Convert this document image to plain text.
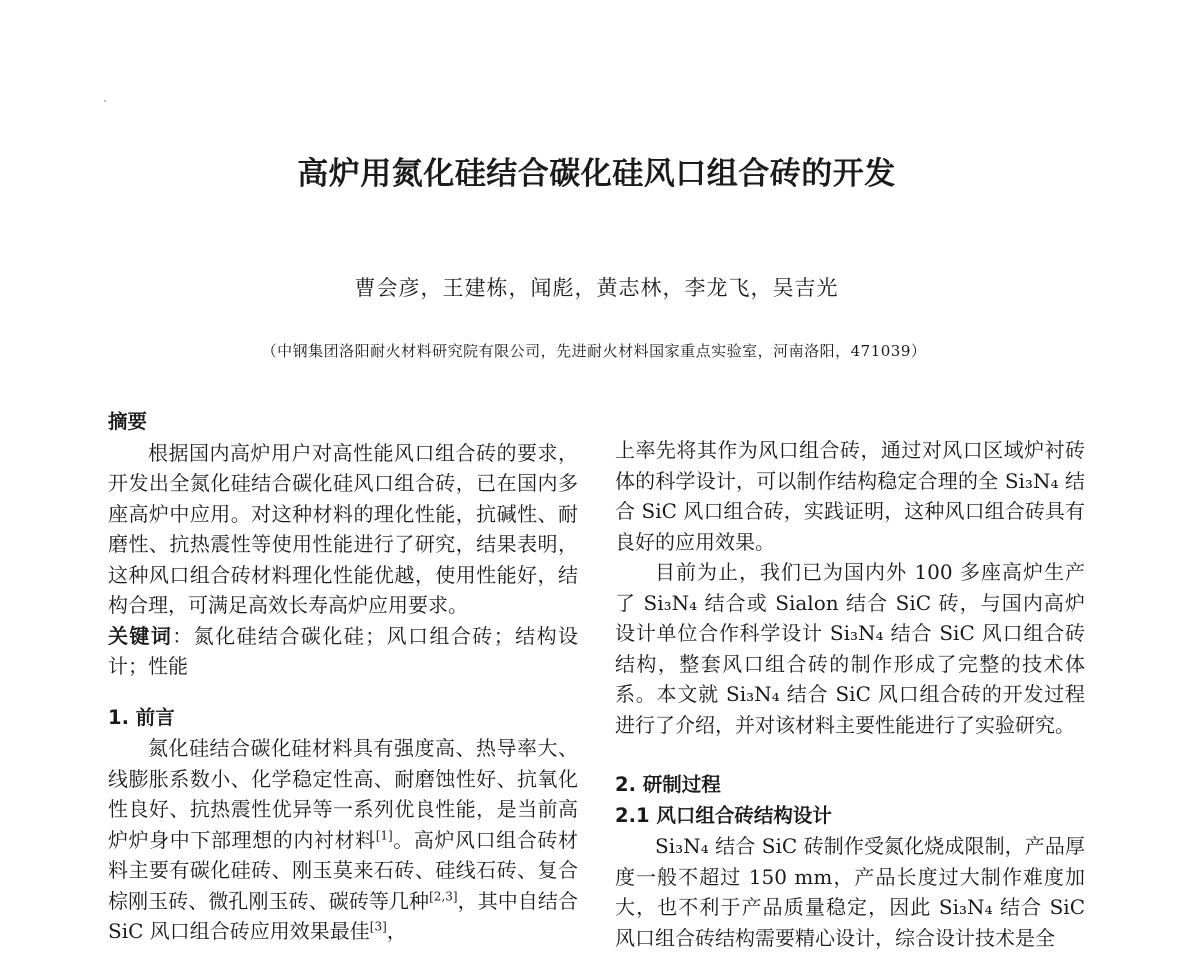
高炉用氮化硅结合碳化硅风口组合砖的开发
曹会彦，王建栋，闻彪，黄志林，李龙飞，吴吉光
（中钢集团洛阳耐火材料研究院有限公司，先进耐火材料国家重点实验室，河南洛阳，471039）

摘要

根据国内高炉用户对高性能风口组合砖的要求，开发出全氮化硅结合碳化硅风口组合砖，已在国内多座高炉中应用。对这种材料的理化性能，抗碱性、耐磨性、抗热震性等使用性能进行了研究，结果表明，这种风口组合砖材料理化性能优越，使用性能好，结构合理，可满足高效长寿高炉应用要求。

关键词：氮化硅结合碳化硅；风口组合砖；结构设计；性能

1. 前言

氮化硅结合碳化硅材料具有强度高、热导率大、线膨胀系数小、化学稳定性高、耐磨蚀性好、抗氧化性良好、抗热震性优异等一系列优良性能，是当前高炉炉身中下部理想的内衬材料[1]。高炉风口组合砖材料主要有碳化硅砖、刚玉莫来石砖、硅线石砖、复合棕刚玉砖、微孔刚玉砖、碳砖等几种[2,3]，其中自结合 SiC 风口组合砖应用效果最佳[3]，

上率先将其作为风口组合砖，通过对风口区域炉衬砖体的科学设计，可以制作结构稳定合理的全 Si₃N₄ 结合 SiC 风口组合砖，实践证明，这种风口组合砖具有良好的应用效果。

目前为止，我们已为国内外 100 多座高炉生产了 Si₃N₄ 结合或 Sialon 结合 SiC 砖，与国内高炉设计单位合作科学设计 Si₃N₄ 结合 SiC 风口组合砖结构，整套风口组合砖的制作形成了完整的技术体系。本文就 Si₃N₄ 结合 SiC 风口组合砖的开发过程进行了介绍，并对该材料主要性能进行了实验研究。

2. 研制过程

2.1 风口组合砖结构设计

Si₃N₄ 结合 SiC 砖制作受氮化烧成限制，产品厚度一般不超过 150 mm，产品长度过大制作难度加大，也不利于产品质量稳定，因此 Si₃N₄ 结合 SiC 风口组合砖结构需要精心设计，综合设计技术是全
